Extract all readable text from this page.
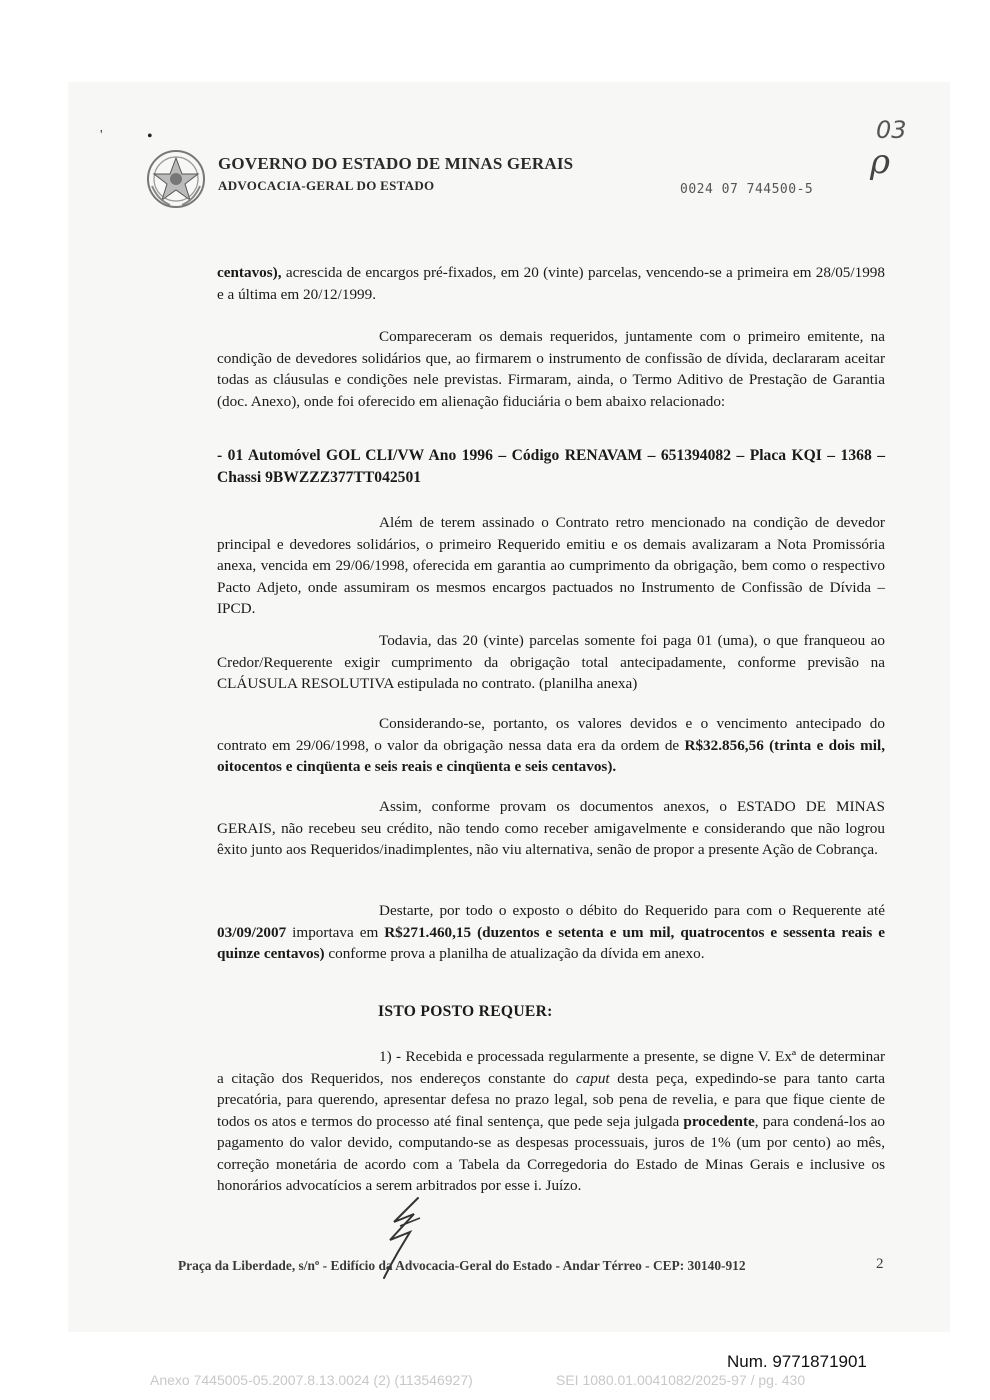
'	•
GOVERNO DO ESTADO DE MINAS GERAIS
ADVOCACIA-GERAL DO ESTADO	0024 07 744500-5
03
ρ
centavos), acrescida de encargos pré-fixados, em 20 (vinte) parcelas, vencendo-se a primeira em 28/05/1998 e a última em 20/12/1999.
Compareceram os demais requeridos, juntamente com o primeiro emitente, na condição de devedores solidários que, ao firmarem o instrumento de confissão de dívida, declararam aceitar todas as cláusulas e condições nele previstas. Firmaram, ainda, o Termo Aditivo de Prestação de Garantia (doc. Anexo), onde foi oferecido em alienação fiduciária o bem abaixo relacionado:
- 01 Automóvel GOL CLI/VW Ano 1996 – Código RENAVAM – 651394082 – Placa KQI – 1368 – Chassi 9BWZZZ377TT042501
Além de terem assinado o Contrato retro mencionado na condição de devedor principal e devedores solidários, o primeiro Requerido emitiu e os demais avalizaram a Nota Promissória anexa, vencida em 29/06/1998, oferecida em garantia ao cumprimento da obrigação, bem como o respectivo Pacto Adjeto, onde assumiram os mesmos encargos pactuados no Instrumento de Confissão de Dívida – IPCD.
Todavia, das 20 (vinte) parcelas somente foi paga 01 (uma), o que franqueou ao Credor/Requerente exigir cumprimento da obrigação total antecipadamente, conforme previsão na CLÁUSULA RESOLUTIVA estipulada no contrato. (planilha anexa)
Considerando-se, portanto, os valores devidos e o vencimento antecipado do contrato em 29/06/1998, o valor da obrigação nessa data era da ordem de R$32.856,56 (trinta e dois mil, oitocentos e cinqüenta e seis reais e cinqüenta e seis centavos).
Assim, conforme provam os documentos anexos, o ESTADO DE MINAS GERAIS, não recebeu seu crédito, não tendo como receber amigavelmente e considerando que não logrou êxito junto aos Requeridos/inadimplentes, não viu alternativa, senão de propor a presente Ação de Cobrança.
Destarte, por todo o exposto o débito do Requerido para com o Requerente até 03/09/2007 importava em R$271.460,15 (duzentos e setenta e um mil, quatrocentos e sessenta reais e quinze centavos) conforme prova a planilha de atualização da dívida em anexo.
ISTO POSTO REQUER:
1) - Recebida e processada regularmente a presente, se digne V. Exª de determinar a citação dos Requeridos, nos endereços constante do caput desta peça, expedindo-se para tanto carta precatória, para querendo, apresentar defesa no prazo legal, sob pena de revelia, e para que fique ciente de todos os atos e termos do processo até final sentença, que pede seja julgada procedente, para condená-los ao pagamento do valor devido, computando-se as despesas processuais, juros de 1% (um por cento) ao mês, correção monetária de acordo com a Tabela da Corregedoria do Estado de Minas Gerais e inclusive os honorários advocatícios a serem arbitrados por esse i. Juízo.
Praça da Liberdade, s/nº - Edifício da Advocacia-Geral do Estado - Andar Térreo - CEP: 30140-912	2
Num. 9771871901
Anexo 7445005-05.2007.8.13.0024 (2) (113546927)	SEI 1080.01.0041082/2025-97 / pg. 430
